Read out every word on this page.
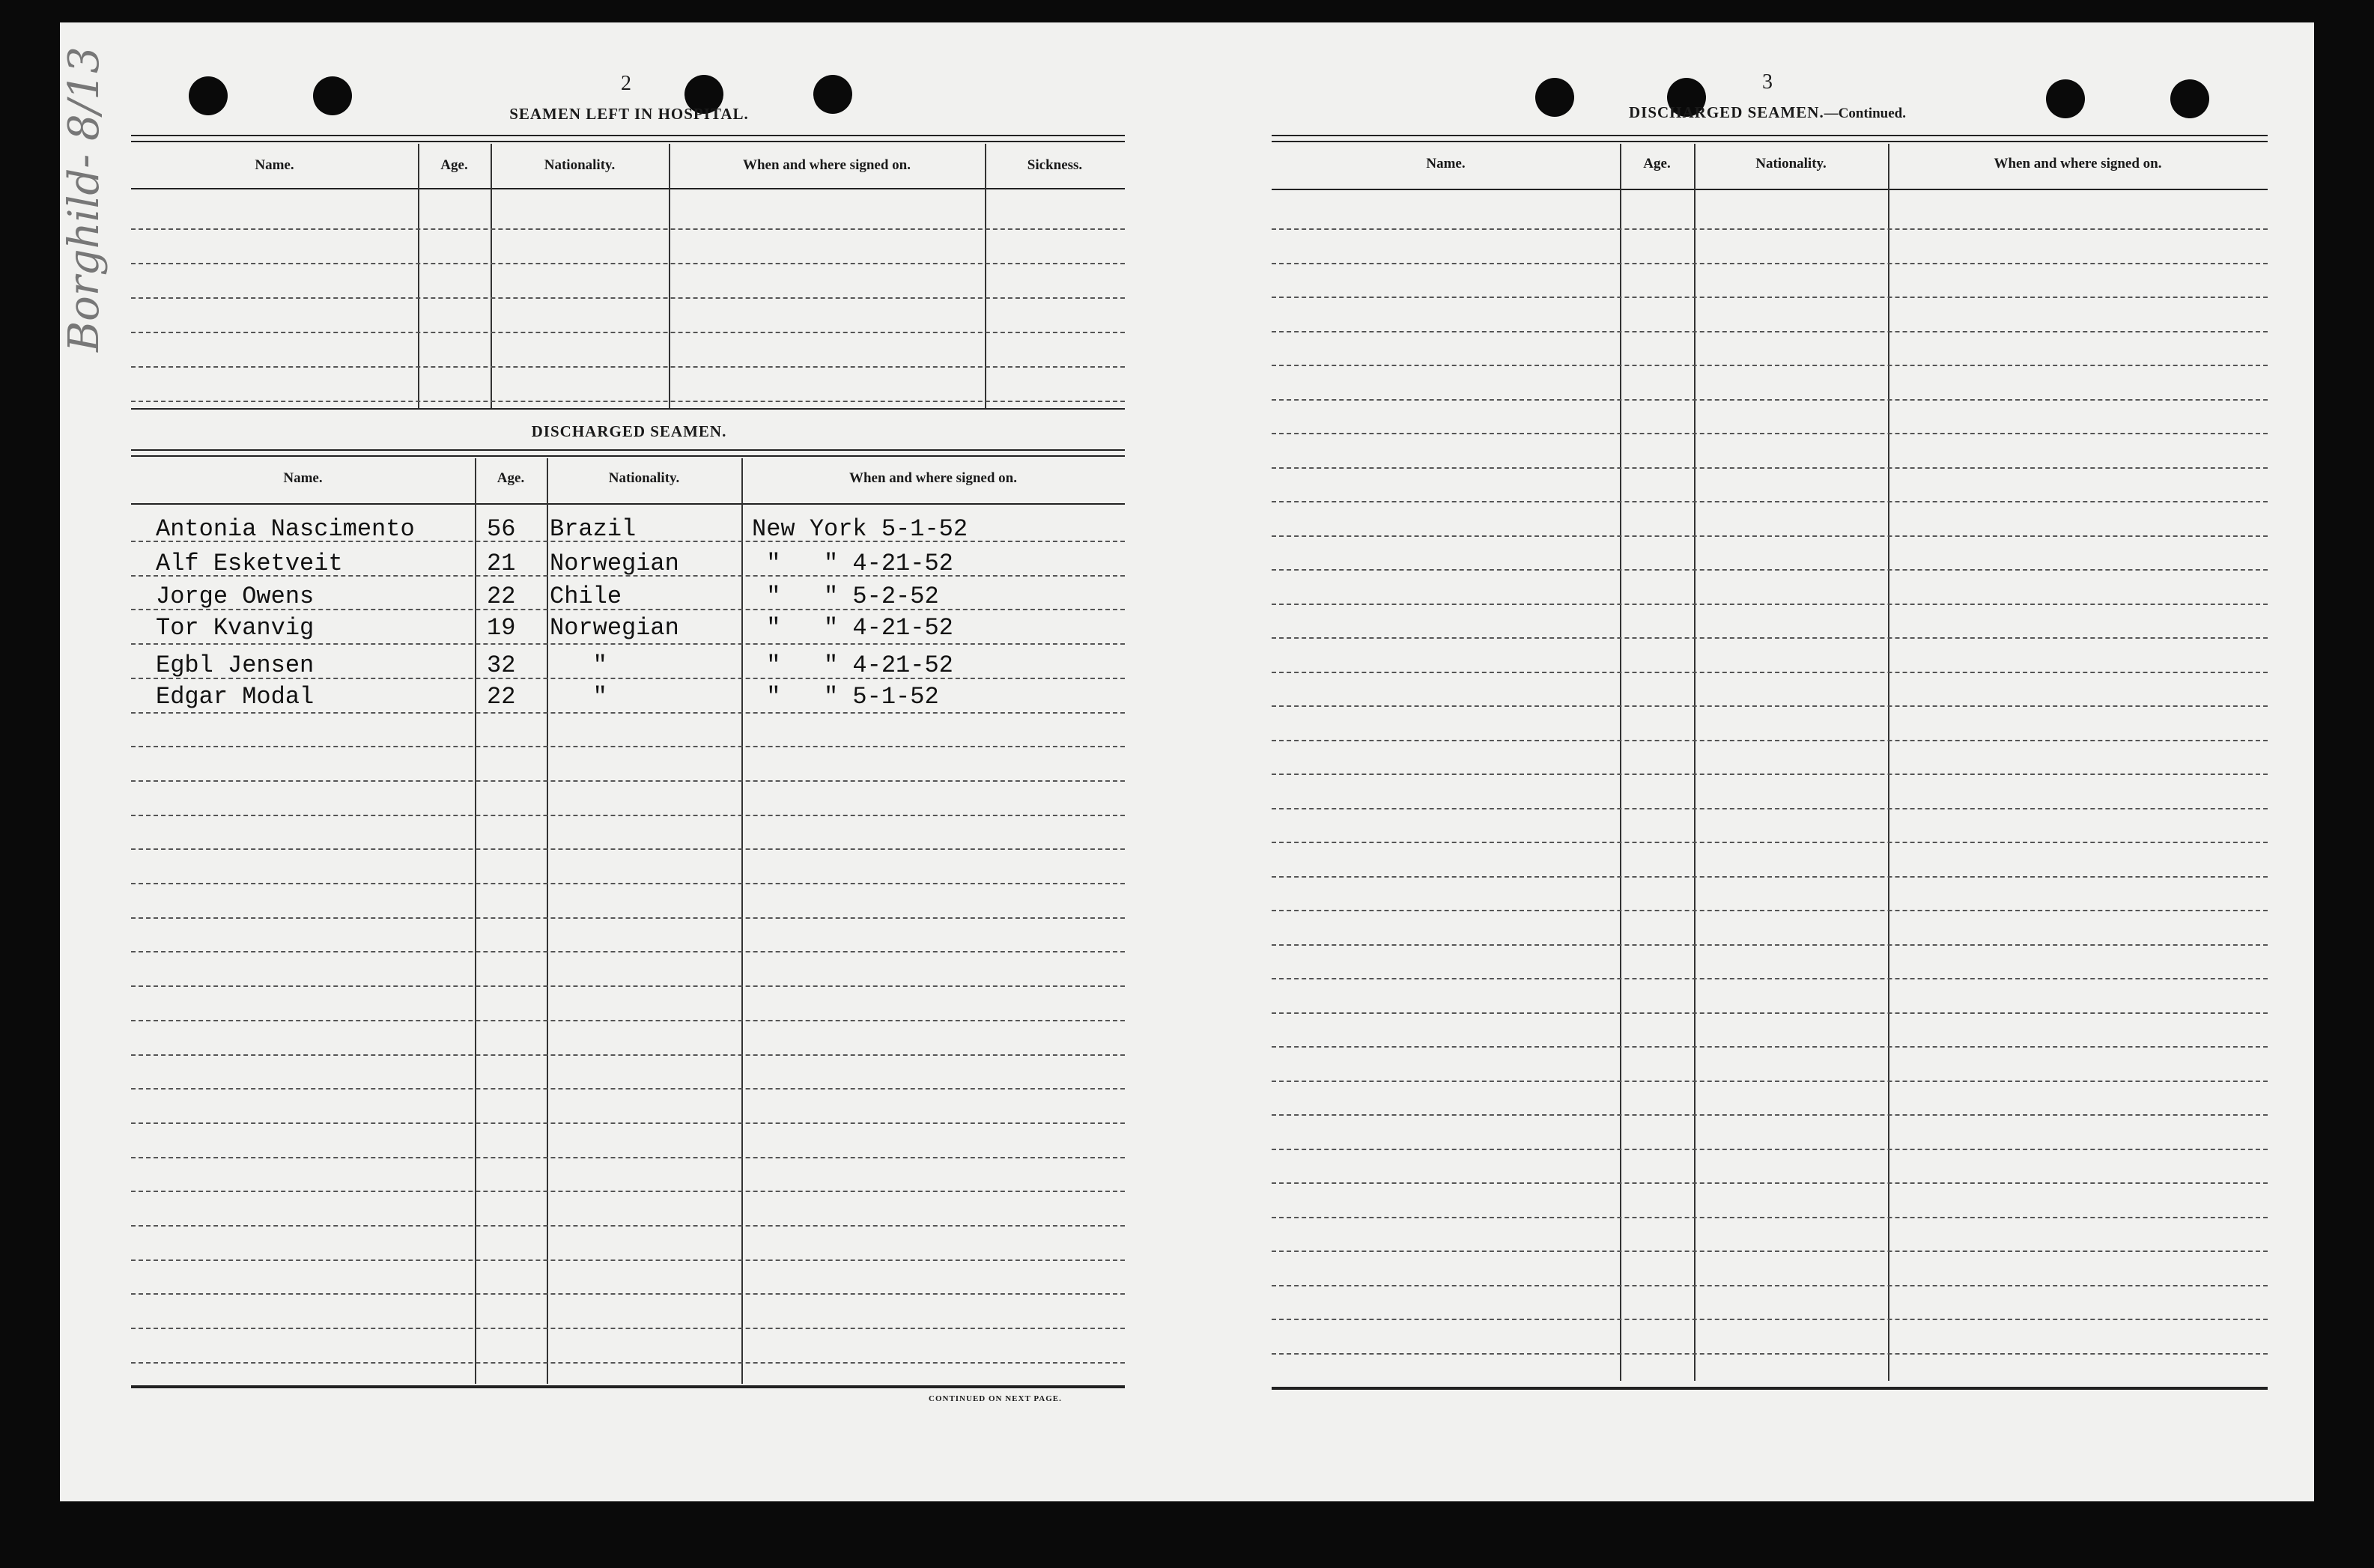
Borghild- 8/13	2
SEAMEN LEFT IN HOSPITAL.
Name.	Age.	Nationality.	When and where signed on.	Sickness.
DISCHARGED SEAMEN.
Name.	Age.	Nationality.	When and where signed on.
Antonia Nascimento	56 Brazil	New York 5-1-52
Alf Esketveit	21 Norwegian	"   " 4-21-52
Jorge Owens	22 Chile	"   " 5-2-52
Tor Kvanvig	19 Norwegian	"   " 4-21-52
Egbl Jensen	32 "	"   " 4-21-52
Edgar Modal	22 "	"   " 5-1-52
CONTINUED ON NEXT PAGE.
3
DISCHARGED SEAMEN.—Continued.
Name.	Age.	Nationality.	When and where signed on.
